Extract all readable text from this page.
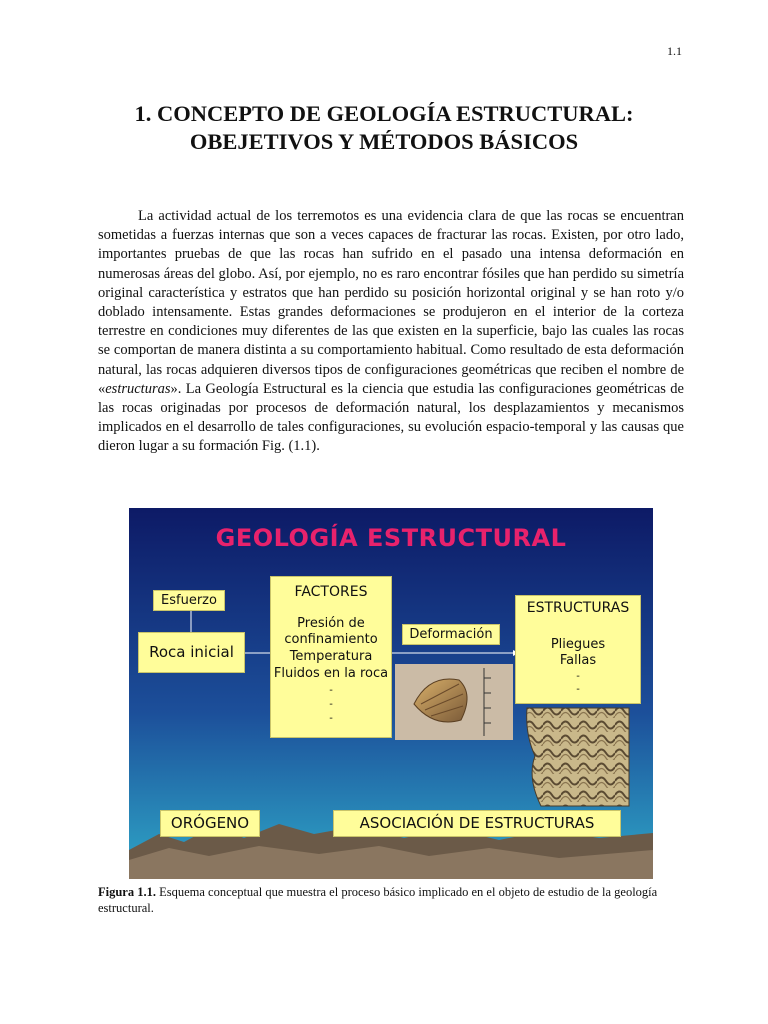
1.1
1. CONCEPTO DE GEOLOGÍA ESTRUCTURAL:
OBEJETIVOS Y MÉTODOS BÁSICOS

La actividad actual de los terremotos es una evidencia clara de que las rocas se encuentran sometidas a fuerzas internas que son a veces capaces de fracturar las rocas. Existen, por otro lado, importantes pruebas de que las rocas han sufrido en el pasado una intensa deformación en numerosas áreas del globo. Así, por ejemplo, no es raro encontrar fósiles que han perdido su simetría original característica y estratos que han perdido su posición horizontal original y se han roto y/o doblado intensamente. Estas grandes deformaciones se produjeron en el interior de la corteza terrestre en condiciones muy diferentes de las que existen en la superficie, bajo las cuales las rocas se comportan de manera distinta a su comportamiento habitual. Como resultado de esta deformación natural, las rocas adquieren diversos tipos de configuraciones geométricas que reciben el nombre de «estructuras». La Geología Estructural es la ciencia que estudia las configuraciones geométricas de las rocas originadas por procesos de deformación natural, los desplazamientos y mecanismos implicados en el desarrollo de tales configuraciones, su evolución espacio-temporal y las causas que dieron lugar a su formación Fig. (1.1).

GEOLOGÍA ESTRUCTURAL
Esfuerzo
Roca inicial
FACTORES
Presión de
confinamiento
Temperatura
Fluidos en la roca
-
-
-
Deformación
ESTRUCTURAS
Pliegues
Fallas
-
-
ORÓGENO	ASOCIACIÓN DE ESTRUCTURAS
Figura 1.1. Esquema conceptual que muestra el proceso básico implicado en el objeto de estudio de la geología estructural.
